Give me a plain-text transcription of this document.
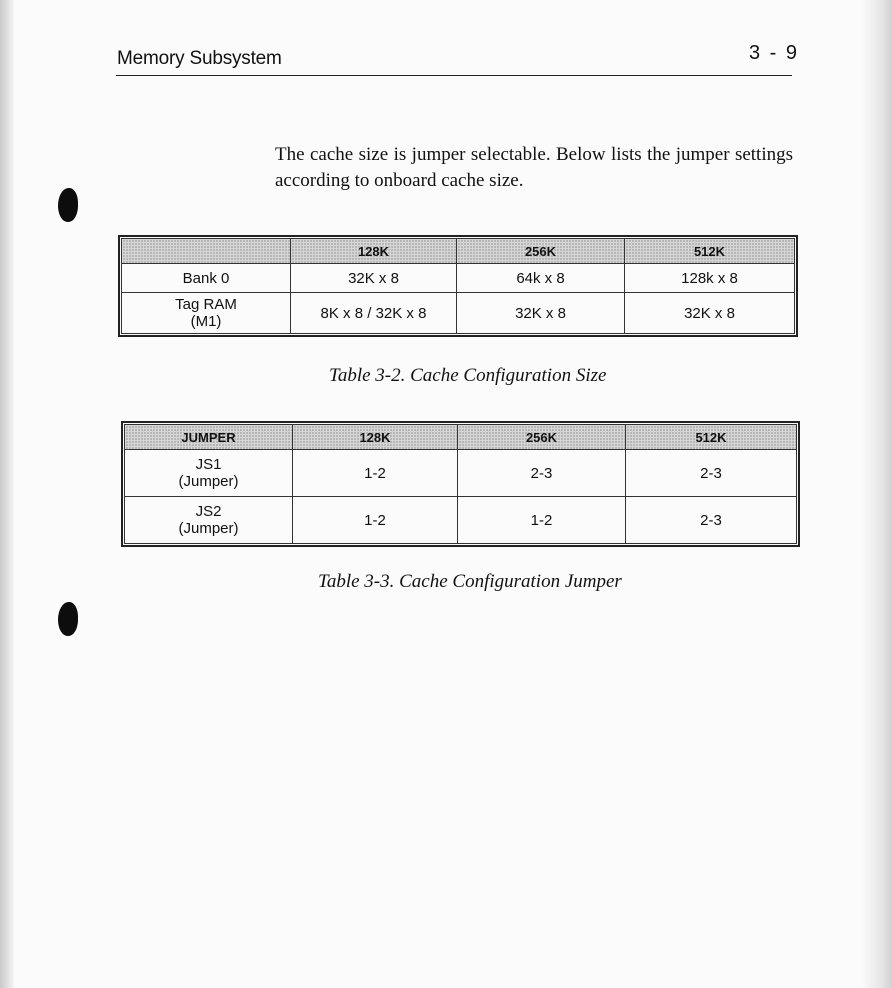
Memory Subsystem	3 - 9

The cache size is jumper selectable. Below lists the jumper settings according to onboard cache size.

	128K	256K	512K
Bank 0	32K x 8	64k x 8	128k x 8
Tag RAM
(M1)	8K x 8 / 32K x 8	32K x 8	32K x 8
Table 3-2. Cache Configuration Size
JUMPER	128K	256K	512K
JS1
(Jumper)	1-2	2-3	2-3
JS2
(Jumper)	1-2	1-2	2-3
Table 3-3. Cache Configuration Jumper
